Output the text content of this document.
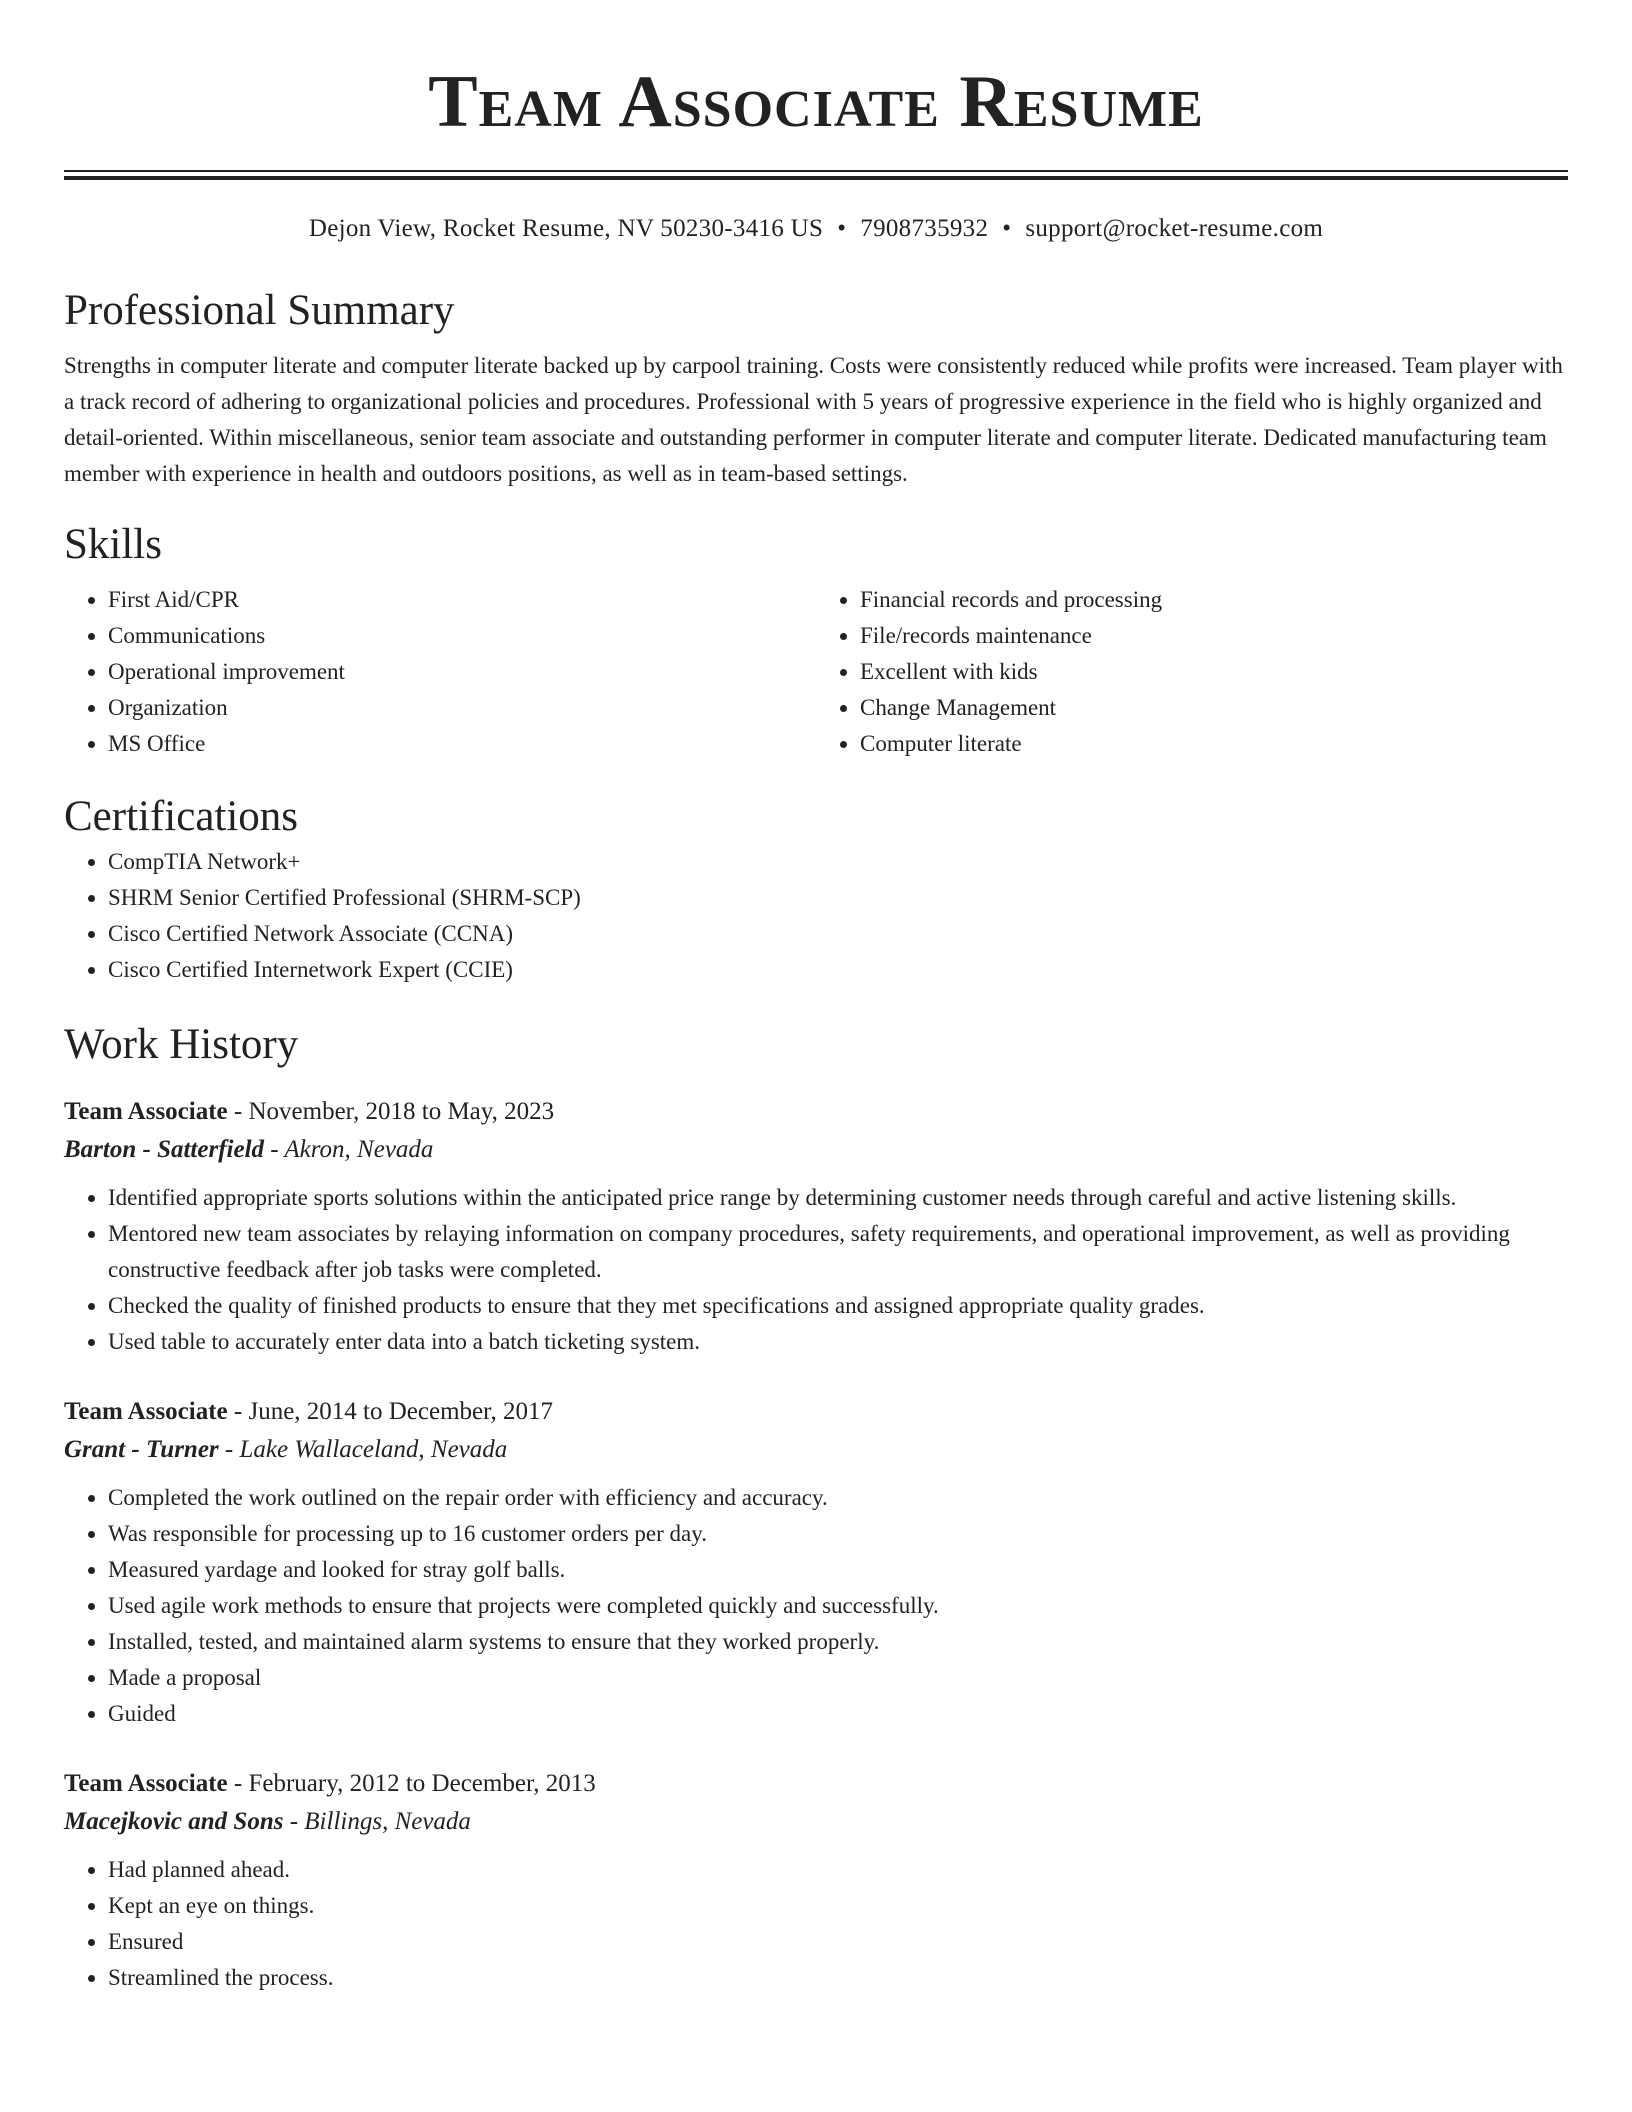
Team Associate Resume
Dejon View, Rocket Resume, NV 50230-3416 US • 7908735932 • support@rocket-resume.com
Professional Summary

Strengths in computer literate and computer literate backed up by carpool training. Costs were consistently reduced while profits were increased. Team player with a track record of adhering to organizational policies and procedures. Professional with 5 years of progressive experience in the field who is highly organized and detail-oriented. Within miscellaneous, senior team associate and outstanding performer in computer literate and computer literate. Dedicated manufacturing team member with experience in health and outdoors positions, as well as in team-based settings.

Skills
• First Aid/CPR
• Communications
• Operational improvement
• Organization
• MS Office
• Financial records and processing
• File/records maintenance
• Excellent with kids
• Change Management
• Computer literate
Certifications
• CompTIA Network+
• SHRM Senior Certified Professional (SHRM-SCP)
• Cisco Certified Network Associate (CCNA)
• Cisco Certified Internetwork Expert (CCIE)
Work History
Team Associate - November, 2018 to May, 2023
Barton - Satterfield - Akron, Nevada
• Identified appropriate sports solutions within the anticipated price range by determining customer needs through careful and active listening skills.
• Mentored new team associates by relaying information on company procedures, safety requirements, and operational improvement, as well as providing constructive feedback after job tasks were completed.
• Checked the quality of finished products to ensure that they met specifications and assigned appropriate quality grades.
• Used table to accurately enter data into a batch ticketing system.
Team Associate - June, 2014 to December, 2017
Grant - Turner - Lake Wallaceland, Nevada
• Completed the work outlined on the repair order with efficiency and accuracy.
• Was responsible for processing up to 16 customer orders per day.
• Measured yardage and looked for stray golf balls.
• Used agile work methods to ensure that projects were completed quickly and successfully.
• Installed, tested, and maintained alarm systems to ensure that they worked properly.
• Made a proposal
• Guided
Team Associate - February, 2012 to December, 2013
Macejkovic and Sons - Billings, Nevada
• Had planned ahead.
• Kept an eye on things.
• Ensured
• Streamlined the process.
